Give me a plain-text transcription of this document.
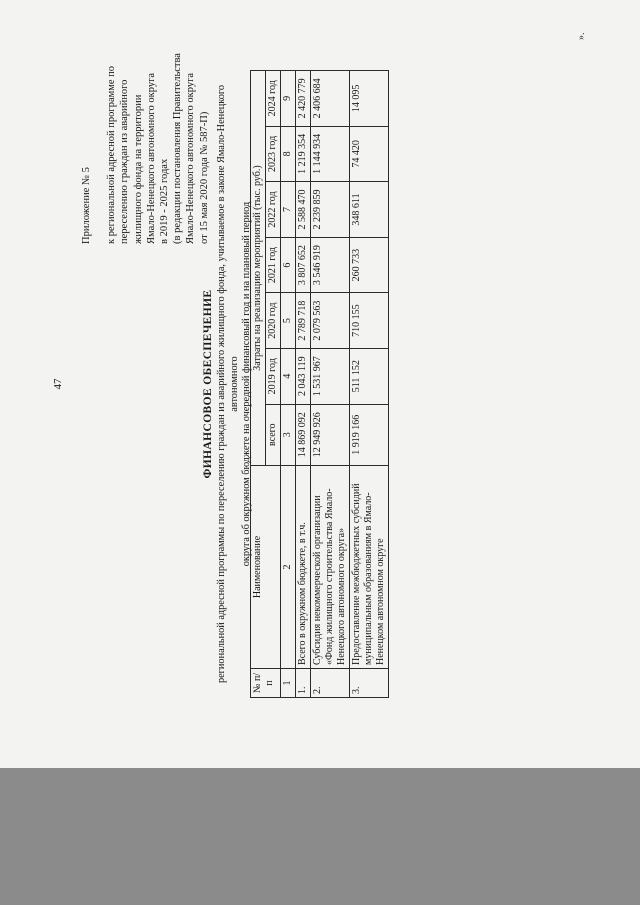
47
Приложение № 5 к региональной адресной программе по переселению граждан из аварийного жилищного фонда на территории Ямало-Ненецкого автономного округа в 2019 - 2025 годах (в редакции постановления Правительства Ямало-Ненецкого автономного округа от 15 мая 2020 года № 587-П)
ФИНАНСОВОЕ ОБЕСПЕЧЕНИЕ региональной адресной программы по переселению граждан из аварийного жилищного фонда, учитываемое в законе Ямало-Ненецкого автономного округа об окружном бюджете на очередной финансовый год и на плановый период
№ п/п	Наименование	Затраты на реализацию мероприятий (тыс. руб.)						
		всего	2019 год	2020 год	2021 год	2022 год	2023 год	2024 год
1	2	3	4	5	6	7	8	9
1.	Всего в окружном бюджете, в т.ч.	14 869 092	2 043 119	2 789 718	3 807 652	2 588 470	1 219 354	2 420 779
2.	Субсидия некоммерческой организации «Фонд жилищного строительства Ямало-Ненецкого автономного округа»	12 949 926	1 531 967	2 079 563	3 546 919	2 239 859	1 144 934	2 406 684
3.	Предоставление межбюджетных субсидий муниципальным образованиям в Ямало-Ненецком автономном округе	1 919 166	511 152	710 155	260 733	348 611	74 420	14 095
».
